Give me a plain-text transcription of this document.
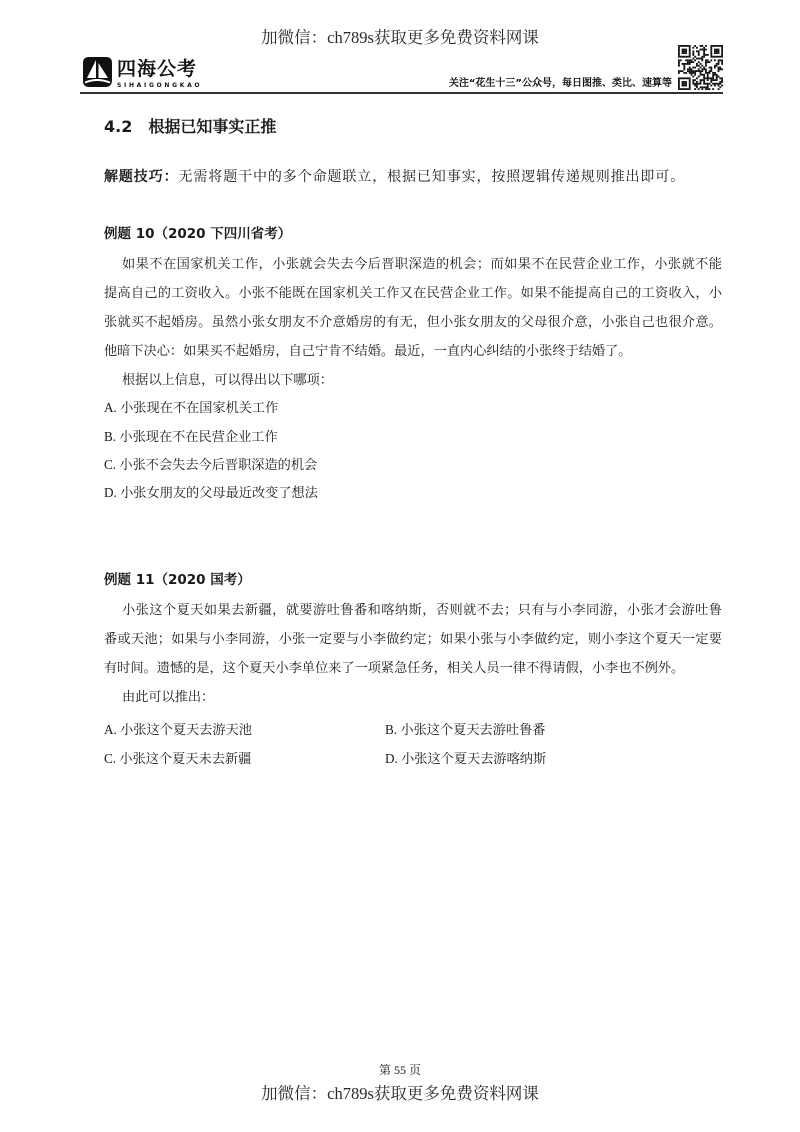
加微信：ch789s获取更多免费资料网课
四海公考
SIHAIGONGKAO	关注“花生十三”公众号，每日图推、类比、速算等
4.2 根据已知事实正推
解题技巧：无需将题干中的多个命题联立，根据已知事实，按照逻辑传递规则推出即可。
例题 10（2020 下四川省考）
如果不在国家机关工作，小张就会失去今后晋职深造的机会；而如果不在民营企业工作，小张就不能
提高自己的工资收入。小张不能既在国家机关工作又在民营企业工作。如果不能提高自己的工资收入，小
张就买不起婚房。虽然小张女朋友不介意婚房的有无，但小张女朋友的父母很介意，小张自己也很介意。
他暗下决心：如果买不起婚房，自己宁肯不结婚。最近，一直内心纠结的小张终于结婚了。
根据以上信息，可以得出以下哪项：
A. 小张现在不在国家机关工作
B. 小张现在不在民营企业工作
C. 小张不会失去今后晋职深造的机会
D. 小张女朋友的父母最近改变了想法
例题 11（2020 国考）
小张这个夏天如果去新疆，就要游吐鲁番和喀纳斯，否则就不去；只有与小李同游，小张才会游吐鲁
番或天池；如果与小李同游，小张一定要与小李做约定；如果小张与小李做约定，则小李这个夏天一定要
有时间。遗憾的是，这个夏天小李单位来了一项紧急任务，相关人员一律不得请假，小李也不例外。
由此可以推出：
A. 小张这个夏天去游天池	B. 小张这个夏天去游吐鲁番
C. 小张这个夏天未去新疆	D. 小张这个夏天去游喀纳斯
第 55 页
加微信：ch789s获取更多免费资料网课
